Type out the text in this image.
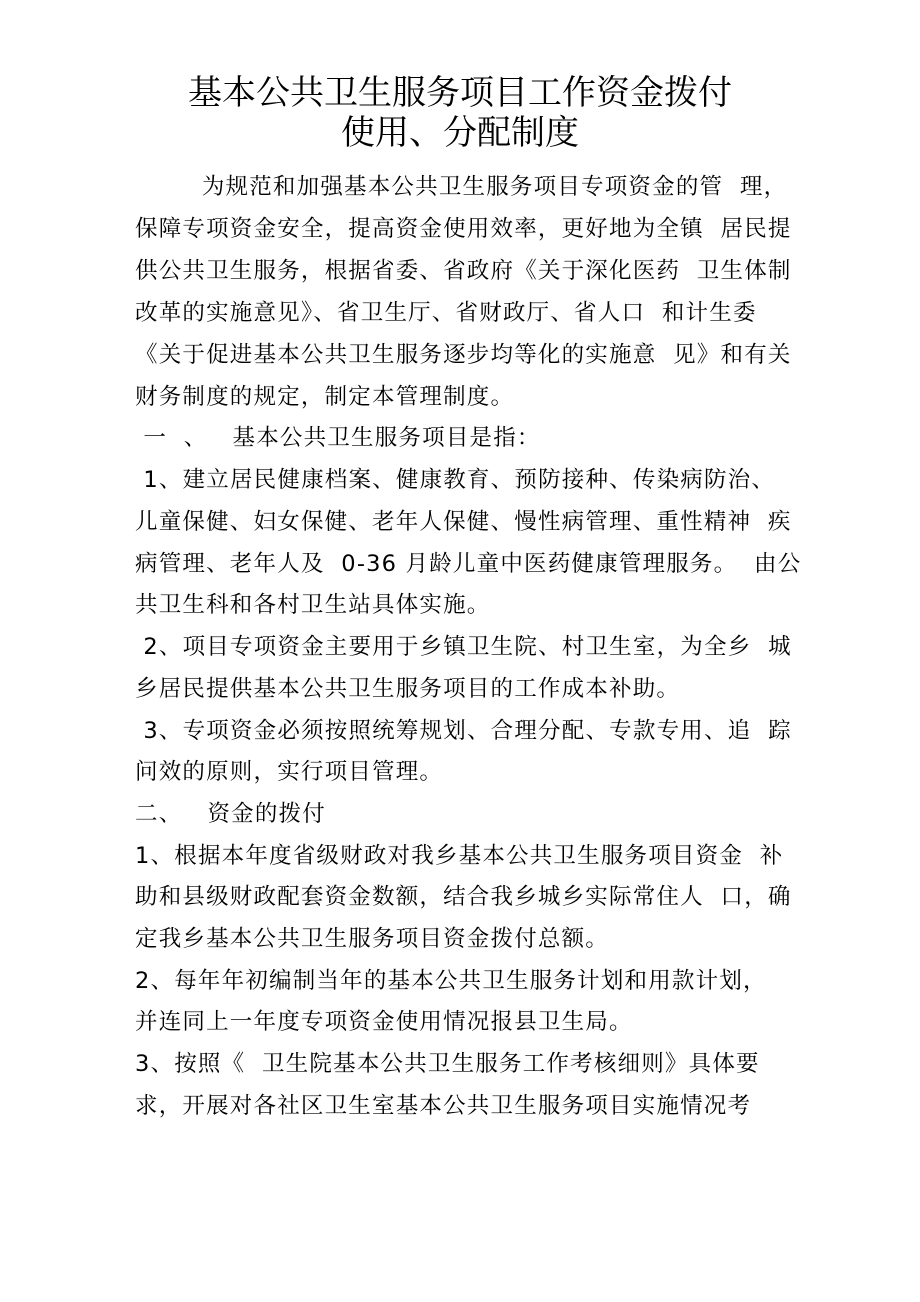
基本公共卫生服务项目工作资金拨付
使用、分配制度
为规范和加强基本公共卫生服务项目专项资金的管  理，
保障专项资金安全，提高资金使用效率，更好地为全镇  居民提
供公共卫生服务，根据省委、省政府《关于深化医药  卫生体制
改革的实施意见》、省卫生厅、省财政厅、省人口  和计生委
《关于促进基本公共卫生服务逐步均等化的实施意  见》和有关
财务制度的规定，制定本管理制度。
一  、   基本公共卫生服务项目是指：
1、建立居民健康档案、健康教育、预防接种、传染病防治、
儿童保健、妇女保健、老年人保健、慢性病管理、重性精神  疾
病管理、老年人及  0-36 月龄儿童中医药健康管理服务。  由公
共卫生科和各村卫生站具体实施。
2、项目专项资金主要用于乡镇卫生院、村卫生室，为全乡  城
乡居民提供基本公共卫生服务项目的工作成本补助。
3、专项资金必须按照统筹规划、合理分配、专款专用、追  踪
问效的原则，实行项目管理。
二、   资金的拨付
1、根据本年度省级财政对我乡基本公共卫生服务项目资金  补
助和县级财政配套资金数额，结合我乡城乡实际常住人  口，确
定我乡基本公共卫生服务项目资金拨付总额。
2、每年年初编制当年的基本公共卫生服务计划和用款计划，
并连同上一年度专项资金使用情况报县卫生局。
3、按照《  卫生院基本公共卫生服务工作考核细则》具体要
求，开展对各社区卫生室基本公共卫生服务项目实施情况考
